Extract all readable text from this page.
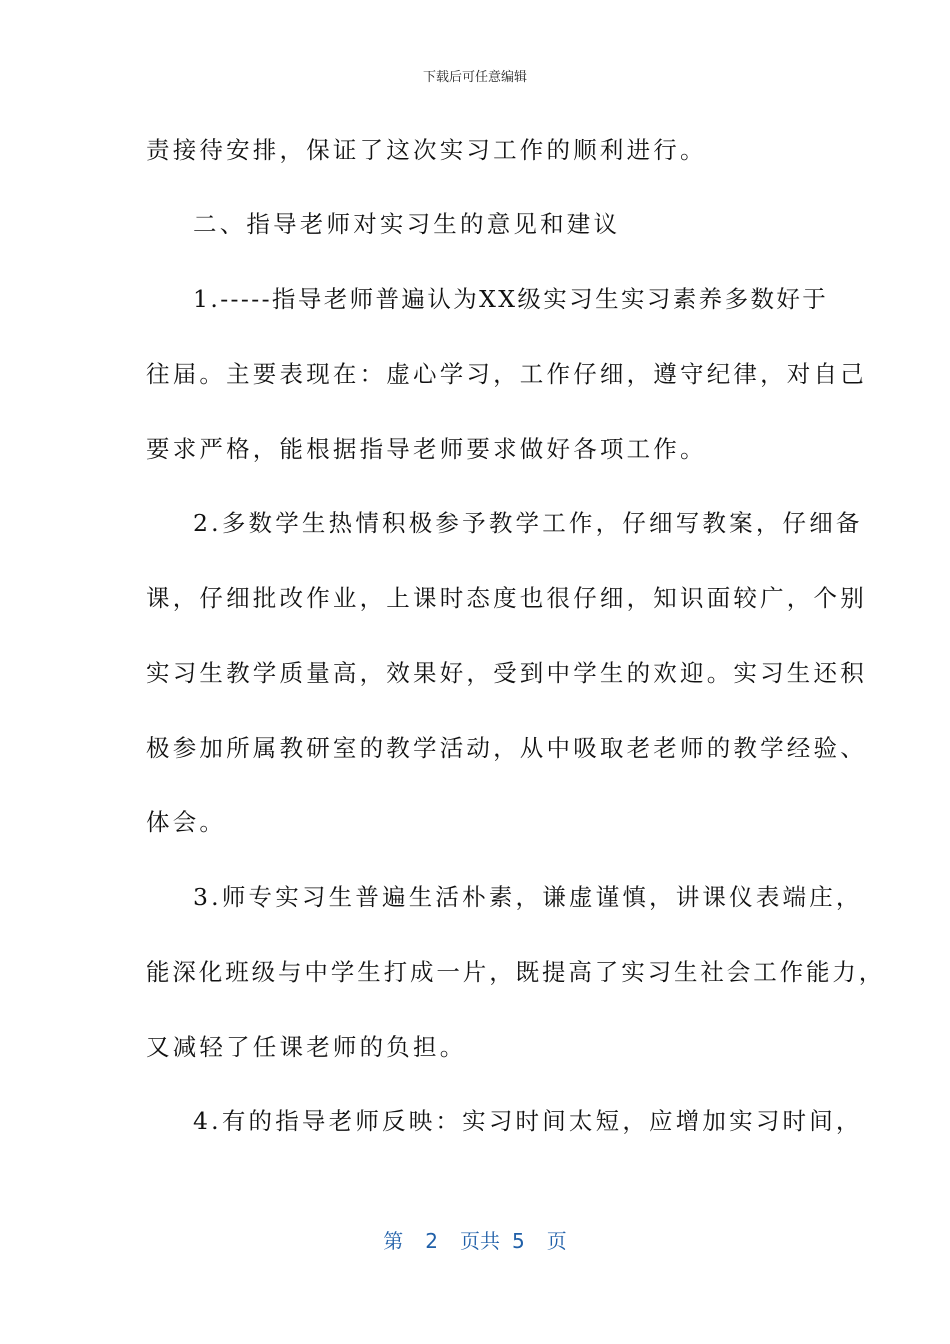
下载后可任意编辑
责接待安排，保证了这次实习工作的顺利进行。
二、指导老师对实习生的意见和建议
1.-----指导老师普遍认为XX级实习生实习素养多数好于
往届。主要表现在：虚心学习，工作仔细，遵守纪律，对自己
要求严格，能根据指导老师要求做好各项工作。
2.多数学生热情积极参予教学工作，仔细写教案，仔细备
课，仔细批改作业，上课时态度也很仔细，知识面较广，个别
实习生教学质量高，效果好，受到中学生的欢迎。实习生还积
极参加所属教研室的教学活动，从中吸取老老师的教学经验、
体会。
3.师专实习生普遍生活朴素，谦虚谨慎，讲课仪表端庄，
能深化班级与中学生打成一片，既提高了实习生社会工作能力，
又减轻了任课老师的负担。
4.有的指导老师反映：实习时间太短，应增加实习时间，
第 2 页共 5 页
